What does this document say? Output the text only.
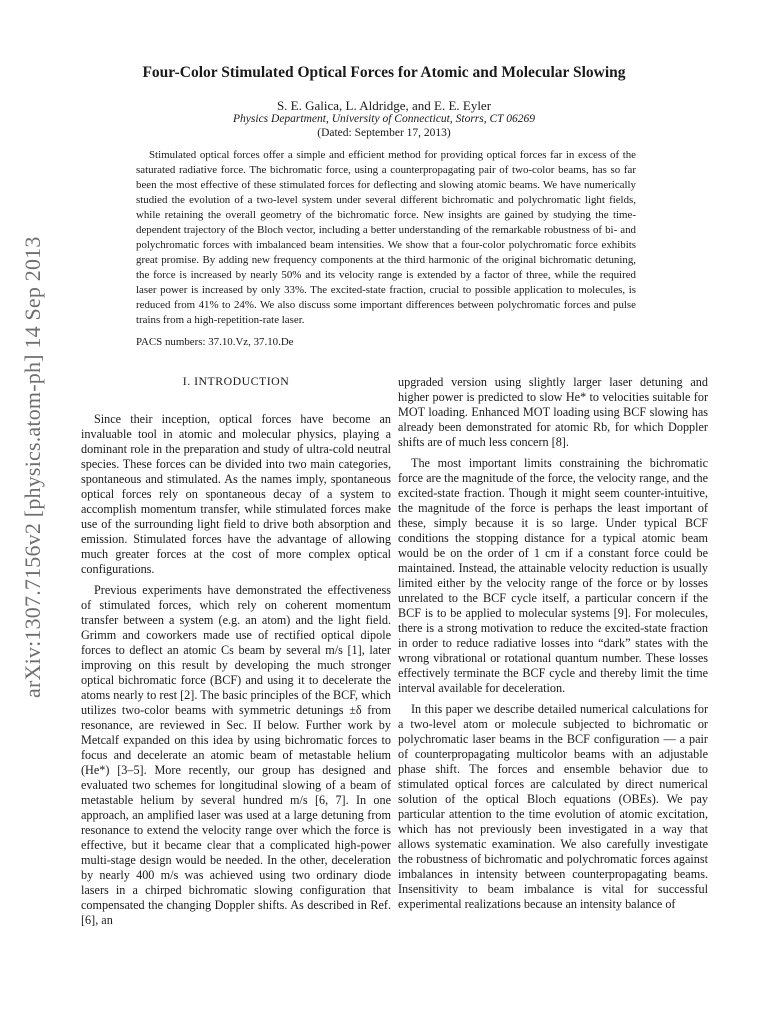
arXiv:1307.7156v2 [physics.atom-ph] 14 Sep 2013
Four-Color Stimulated Optical Forces for Atomic and Molecular Slowing
S. E. Galica, L. Aldridge, and E. E. Eyler
Physics Department, University of Connecticut, Storrs, CT 06269
(Dated: September 17, 2013)

Stimulated optical forces offer a simple and efficient method for providing optical forces far in excess of the saturated radiative force. The bichromatic force, using a counterpropagating pair of two-color beams, has so far been the most effective of these stimulated forces for deflecting and slowing atomic beams. We have numerically studied the evolution of a two-level system under several different bichromatic and polychromatic light fields, while retaining the overall geometry of the bichromatic force. New insights are gained by studying the time-dependent trajectory of the Bloch vector, including a better understanding of the remarkable robustness of bi- and polychromatic forces with imbalanced beam intensities. We show that a four-color polychromatic force exhibits great promise. By adding new frequency components at the third harmonic of the original bichromatic detuning, the force is increased by nearly 50% and its velocity range is extended by a factor of three, while the required laser power is increased by only 33%. The excited-state fraction, crucial to possible application to molecules, is reduced from 41% to 24%. We also discuss some important differences between polychromatic forces and pulse trains from a high-repetition-rate laser.

PACS numbers: 37.10.Vz, 37.10.De
I. INTRODUCTION

Since their inception, optical forces have become an invaluable tool in atomic and molecular physics, playing a dominant role in the preparation and study of ultra-cold neutral species. These forces can be divided into two main categories, spontaneous and stimulated. As the names imply, spontaneous optical forces rely on spontaneous decay of a system to accomplish momentum transfer, while stimulated forces make use of the surrounding light field to drive both absorption and emission. Stimulated forces have the advantage of allowing much greater forces at the cost of more complex optical configurations.

Previous experiments have demonstrated the effectiveness of stimulated forces, which rely on coherent momentum transfer between a system (e.g. an atom) and the light field. Grimm and coworkers made use of rectified optical dipole forces to deflect an atomic Cs beam by several m/s [1], later improving on this result by developing the much stronger optical bichromatic force (BCF) and using it to decelerate the atoms nearly to rest [2]. The basic principles of the BCF, which utilizes two-color beams with symmetric detunings ±δ from resonance, are reviewed in Sec. II below. Further work by Metcalf expanded on this idea by using bichromatic forces to focus and decelerate an atomic beam of metastable helium (He*) [3–5]. More recently, our group has designed and evaluated two schemes for longitudinal slowing of a beam of metastable helium by several hundred m/s [6, 7]. In one approach, an amplified laser was used at a large detuning from resonance to extend the velocity range over which the force is effective, but it became clear that a complicated high-power multi-stage design would be needed. In the other, deceleration by nearly 400 m/s was achieved using two ordinary diode lasers in a chirped bichromatic slowing configuration that compensated the changing Doppler shifts. As described in Ref. [6], an

upgraded version using slightly larger laser detuning and higher power is predicted to slow He* to velocities suitable for MOT loading. Enhanced MOT loading using BCF slowing has already been demonstrated for atomic Rb, for which Doppler shifts are of much less concern [8].

The most important limits constraining the bichromatic force are the magnitude of the force, the velocity range, and the excited-state fraction. Though it might seem counter-intuitive, the magnitude of the force is perhaps the least important of these, simply because it is so large. Under typical BCF conditions the stopping distance for a typical atomic beam would be on the order of 1 cm if a constant force could be maintained. Instead, the attainable velocity reduction is usually limited either by the velocity range of the force or by losses unrelated to the BCF cycle itself, a particular concern if the BCF is to be applied to molecular systems [9]. For molecules, there is a strong motivation to reduce the excited-state fraction in order to reduce radiative losses into “dark” states with the wrong vibrational or rotational quantum number. These losses effectively terminate the BCF cycle and thereby limit the time interval available for deceleration.

In this paper we describe detailed numerical calculations for a two-level atom or molecule subjected to bichromatic or polychromatic laser beams in the BCF configuration — a pair of counterpropagating multicolor beams with an adjustable phase shift. The forces and ensemble behavior due to stimulated optical forces are calculated by direct numerical solution of the optical Bloch equations (OBEs). We pay particular attention to the time evolution of atomic excitation, which has not previously been investigated in a way that allows systematic examination. We also carefully investigate the robustness of bichromatic and polychromatic forces against imbalances in intensity between counterpropagating beams. Insensitivity to beam imbalance is vital for successful experimental realizations because an intensity balance of
